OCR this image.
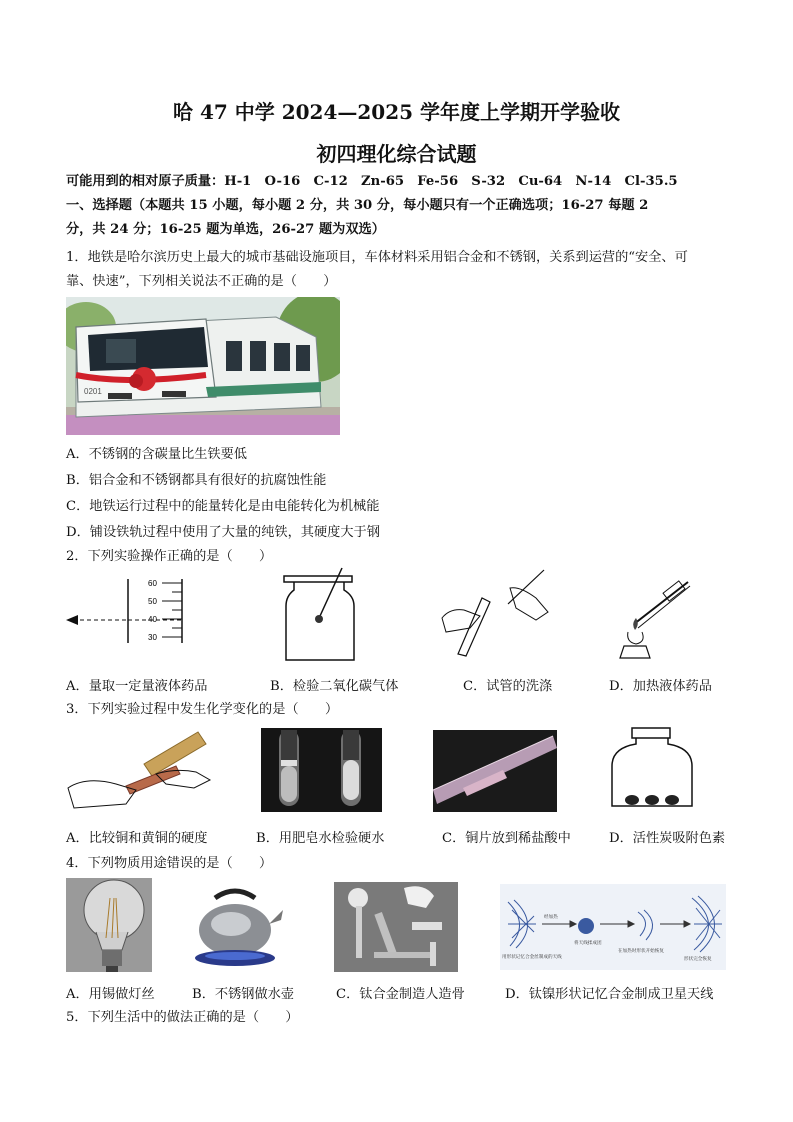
哈 47 中学 2024—2025 学年度上学期开学验收
初四理化综合试题
可能用到的相对原子质量：H-1　O-16　C-12　Zn-65　Fe-56　S-32　Cu-64　N-14　Cl-35.5
一、选择题（本题共 15 小题，每小题 2 分，共 30 分，每小题只有一个正确选项；16-27 每题 2
分，共 24 分；16-25 题为单选，26-27 题为双选）
1．地铁是哈尔滨历史上最大的城市基础设施项目，车体材料采用铝合金和不锈钢，关系到运营的“安全、可
靠、快速”，下列相关说法不正确的是（　　）
0201
A．不锈钢的含碳量比生铁要低
B．铝合金和不锈钢都具有很好的抗腐蚀性能
C．地铁运行过程中的能量转化是由电能转化为机械能
D．铺设铁轨过程中使用了大量的纯铁，其硬度大于钢
2．下列实验操作正确的是（　　）
60
50
40
30
A．量取一定量液体药品	B．检验二氧化碳气体	C．试管的洗涤	D．加热液体药品
3．下列实验过程中发生化学变化的是（　　）
A．比较铜和黄铜的硬度	B．用肥皂水检验硬水	C．铜片放到稀盐酸中	D．活性炭吸附色素
4．下列物质用途错误的是（　　）
用形状记忆合金丝制成的天线
经加热
将天线揉成团
在加热时形状开始恢复
形状完全恢复
A．用锡做灯丝	B．不锈钢做水壶	C．钛合金制造人造骨	D．钛镍形状记忆合金制成卫星天线
5．下列生活中的做法正确的是（　　）
